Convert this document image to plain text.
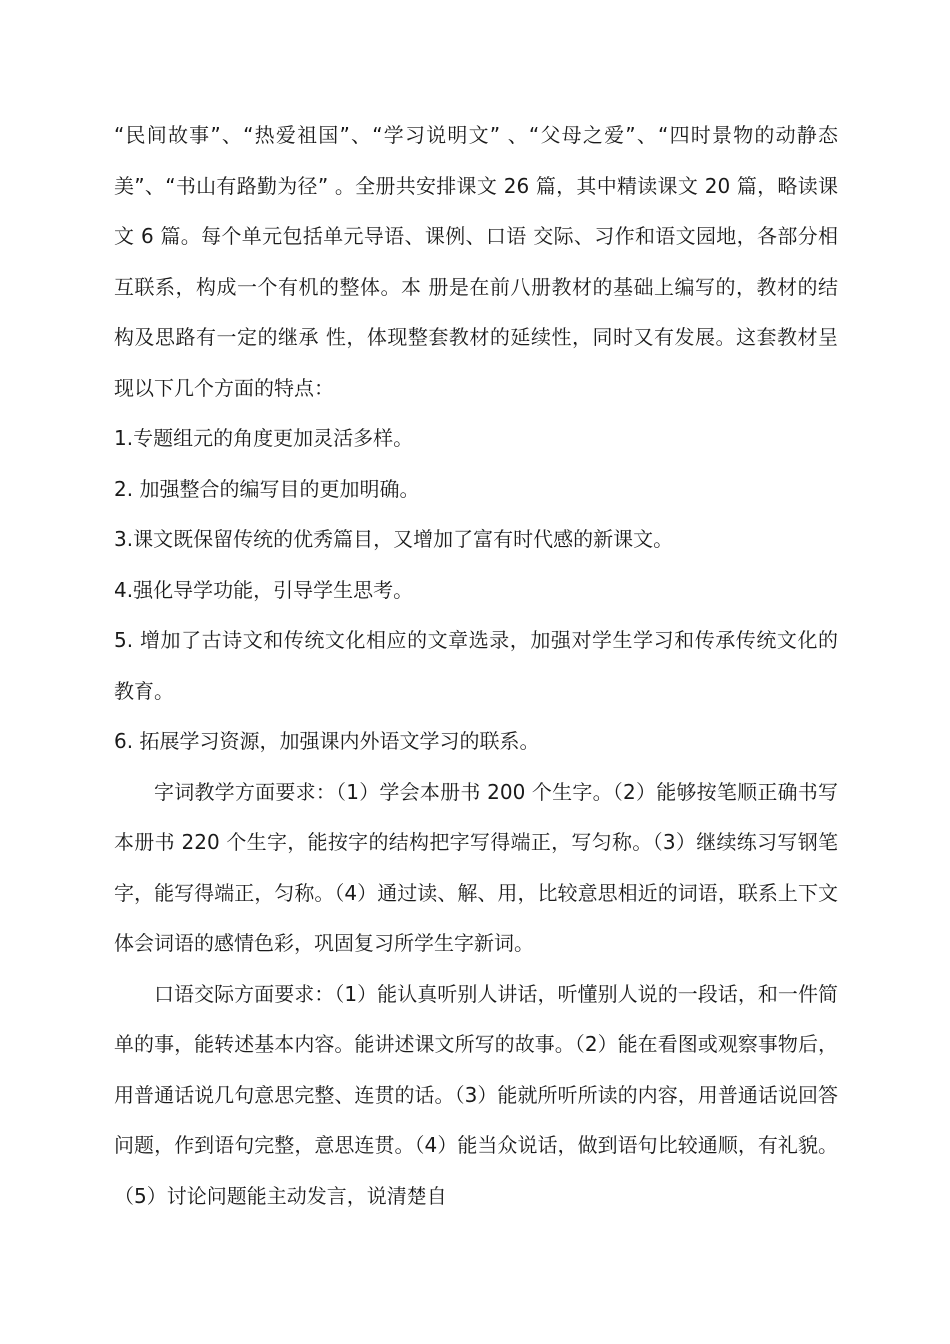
“民间故事”、“热爱祖国”、“学习说明文” 、“父母之爱”、“四时景物的动静态美”、“书山有路勤为径” 。全册共安排课文 26 篇，其中精读课文 20 篇，略读课文 6 篇。每个单元包括单元导语、课例、口语 交际、习作和语文园地，各部分相互联系，构成一个有机的整体。本 册是在前八册教材的基础上编写的，教材的结构及思路有一定的继承 性，体现整套教材的延续性，同时又有发展。这套教材呈现以下几个方面的特点：

1.专题组元的角度更加灵活多样。

2. 加强整合的编写目的更加明确。

3.课文既保留传统的优秀篇目，又增加了富有时代感的新课文。

4.强化导学功能，引导学生思考。

5. 增加了古诗文和传统文化相应的文章选录，加强对学生学习和传承传统文化的教育。

6. 拓展学习资源，加强课内外语文学习的联系。

字词教学方面要求：（1）学会本册书 200 个生字。（2）能够按笔顺正确书写本册书 220 个生字，能按字的结构把字写得端正，写匀称。（3）继续练习写钢笔字，能写得端正，匀称。（4）通过读、解、用，比较意思相近的词语，联系上下文体会词语的感情色彩，巩固复习所学生字新词。

口语交际方面要求：（1）能认真听别人讲话，听懂别人说的一段话，和一件简单的事，能转述基本内容。能讲述课文所写的故事。（2）能在看图或观察事物后，用普通话说几句意思完整、连贯的话。（3）能就所听所读的内容，用普通话说回答问题，作到语句完整，意思连贯。（4）能当众说话，做到语句比较通顺，有礼貌。（5）讨论问题能主动发言，说清楚自
